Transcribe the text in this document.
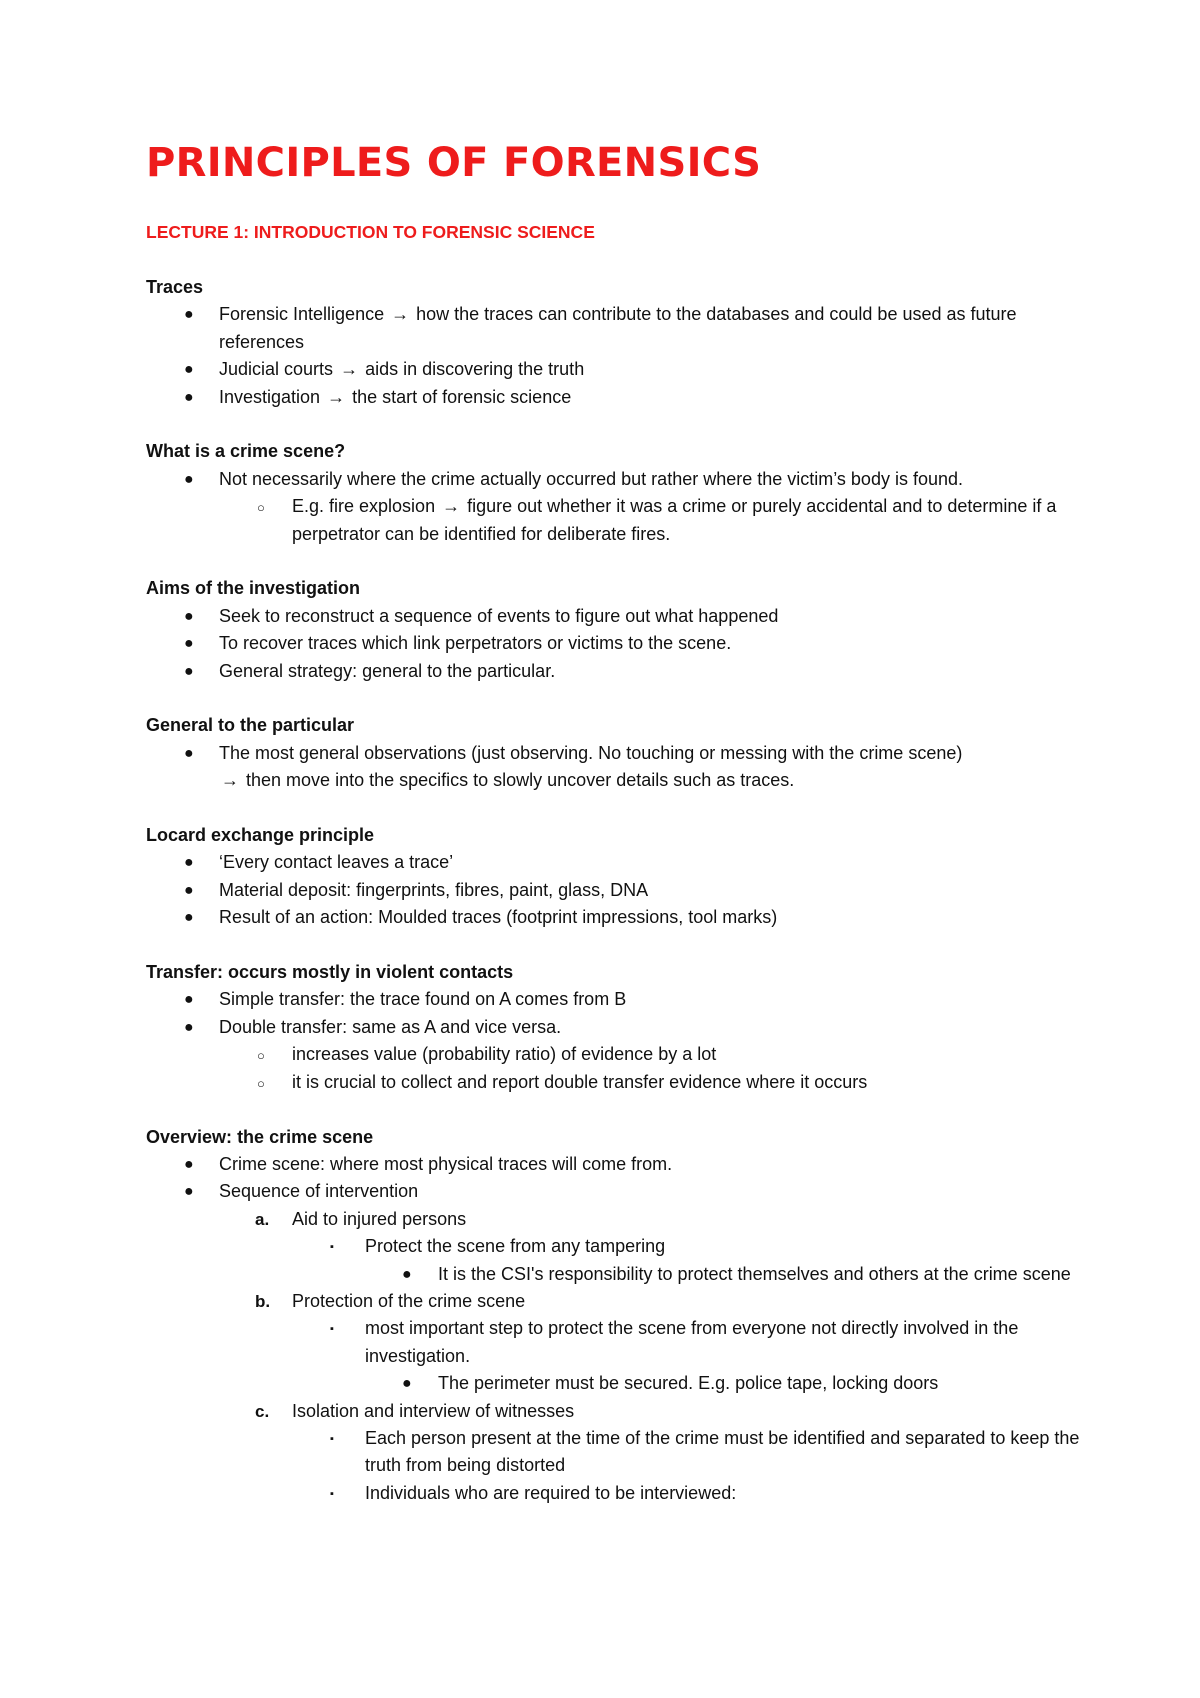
PRINCIPLES OF FORENSICS
LECTURE 1: INTRODUCTION TO FORENSIC SCIENCE

Traces

● Forensic Intelligence → how the traces can contribute to the databases and could be used as future references
● Judicial courts → aids in discovering the truth
● Investigation → the start of forensic science

What is a crime scene?

● Not necessarily where the crime actually occurred but rather where the victim’s body is found.
○ E.g. fire explosion → figure out whether it was a crime or purely accidental and to determine if a perpetrator can be identified for deliberate fires.

Aims of the investigation

● Seek to reconstruct a sequence of events to figure out what happened
● To recover traces which link perpetrators or victims to the scene.
● General strategy: general to the particular.

General to the particular

● The most general observations (just observing. No touching or messing with the crime scene)
→ then move into the specifics to slowly uncover details such as traces.

Locard exchange principle

● ‘Every contact leaves a trace’
● Material deposit: fingerprints, fibres, paint, glass, DNA
● Result of an action: Moulded traces (footprint impressions, tool marks)

Transfer: occurs mostly in violent contacts

● Simple transfer: the trace found on A comes from B
● Double transfer: same as A and vice versa.
○ increases value (probability ratio) of evidence by a lot
○ it is crucial to collect and report double transfer evidence where it occurs

Overview: the crime scene

● Crime scene: where most physical traces will come from.
● Sequence of intervention
a. Aid to injured persons
▪ Protect the scene from any tampering
● It is the CSI's responsibility to protect themselves and others at the crime scene
b. Protection of the crime scene
▪ most important step to protect the scene from everyone not directly involved in the investigation.
● The perimeter must be secured. E.g. police tape, locking doors
c. Isolation and interview of witnesses
▪ Each person present at the time of the crime must be identified and separated to keep the truth from being distorted
▪ Individuals who are required to be interviewed:
